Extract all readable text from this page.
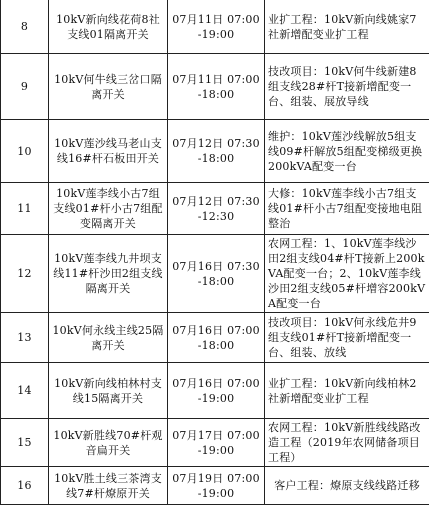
8	10kV新向线花荷8社支线01隔离开关	07月11日 07:00-19:00	业扩工程：10kV新向线姚家7社新增配变业扩工程
9	10kV何牛线三岔口隔离开关	07月11日 07:00-18:00	技改项目：10kV何牛线新建8组支线28#杆T接新增配变一台、组装、展放导线
10	10kV莲沙线马老山支线16#杆石板田开关	07月12日 07:30-18:00	维护：10kV莲沙线解放5组支线09#杆解放5组配变梯级更换200kVA配变一台
11	10kV莲李线小古7组支线01#杆小古7组配变隔离开关	07月12日 07:30-12:30	大修：10kV莲李线小古7组支线01#杆小古7组配变接地电阻整治
12	10kV莲李线九井坝支线11#杆沙田2组支线隔离开关	07月16日 07:30-18:00	农网工程：1、10kV莲李线沙田2组支线04#杆T接新上200kVA配变一台；2、10kV莲李线沙田2组支线05#杆增容200kVA配变一台
13	10kV何永线主线25隔离开关	07月16日 07:00-18:00	技改项目：10kV何永线危井9组支线01#杆T接新增配变一台、组装、放线
14	10kV新向线柏林村支线15隔离开关	07月16日 07:00-19:00	业扩工程：10kV新向线柏林2社新增配变业扩工程
15	10kV新胜线70#杆观音扁开关	07月17日 07:00-19:00	农网工程：10kV新胜线线路改造工程（2019年农网储备项目工程）
16	10kV胜土线三茶湾支线7#杆燎原开关	07月19日 07:00-19:00	客户工程：燎原支线线路迁移
